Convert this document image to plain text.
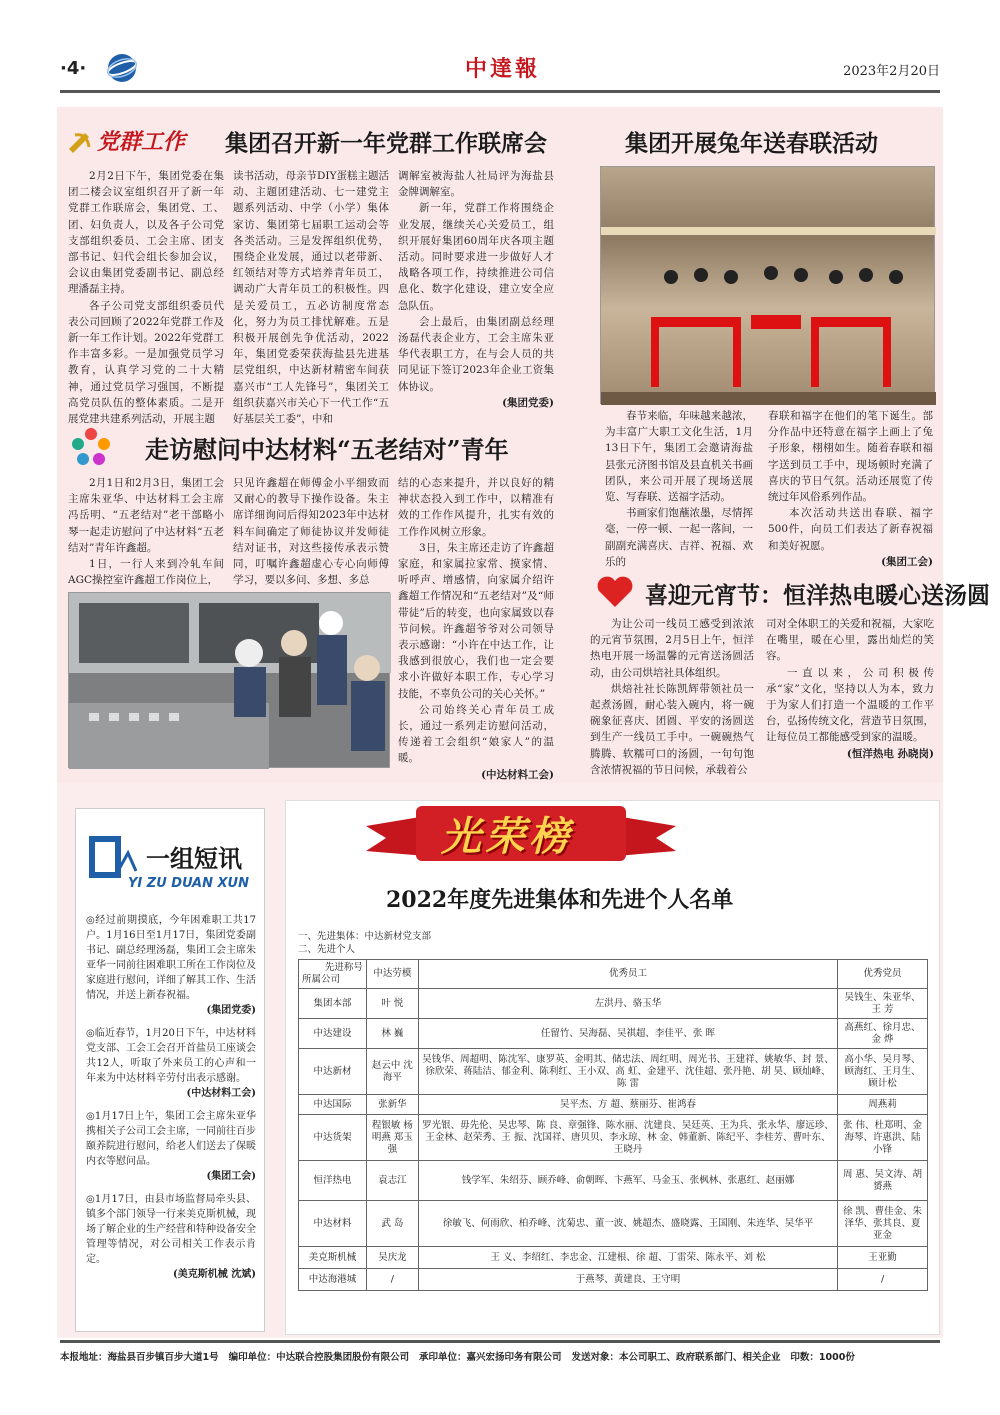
·4·	中達報	2023年2月20日
党群工作 集团召开新一年党群工作联席会

2月2日下午，集团党委在集团二楼会议室组织召开了新一年党群工作联席会，集团党、工、团、妇负责人，以及各子公司党支部组织委员、工会主席、团支部书记、妇代会组长参加会议，会议由集团党委副书记、副总经理潘磊主持。

各子公司党支部组织委员代表公司回顾了2022年党群工作及新一年工作计划。2022年党群工作丰富多彩。一是加强党员学习教育，认真学习党的二十大精神，通过党员学习强国，不断提高党员队伍的整体素质。二是开展党建共建系列活动，开展主题

读书活动，母亲节DIY蛋糕主题活动、主题团建活动、七一建党主题系列活动、中学（小学）集体家访、集团第七届职工运动会等各类活动。三是发挥组织优势，围绕企业发展，通过以老带新、红领结对等方式培养青年员工，调动广大青年员工的积极性。四是关爱员工，五必访制度常态化，努力为员工排忧解难。五是积极开展创先争优活动，2022年，集团党委荣获海盐县先进基层党组织，中达新材精密车间获嘉兴市“工人先锋号”，集团关工组织获嘉兴市关心下一代工作“五好基层关工委”，中和

调解室被海盐人社局评为海盐县金牌调解室。

新一年，党群工作将围绕企业发展，继续关心关爱员工，组织开展好集团60周年庆各项主题活动。同时要求进一步做好人才战略各项工作，持续推进公司信息化、数字化建设，建立安全应急队伍。

会上最后，由集团副总经理汤磊代表企业方，工会主席朱亚华代表职工方，在与会人员的共同见证下签订2023年企业工资集体协议。

(集团党委)

集团开展兔年送春联活动

春节来临，年味越来越浓，为丰富广大职工文化生活，1月13日下午，集团工会邀请海盐县张元济图书馆及县直机关书画团队，来公司开展了现场送展览、写春联、送福字活动。

书画家们饱蘸浓墨，尽情挥毫，一停一顿、一起一落间，一副副充满喜庆、吉祥、祝福、欢乐的

春联和福字在他们的笔下诞生。部分作品中还特意在福字上画上了兔子形象，栩栩如生。随着春联和福字送到员工手中，现场顿时充满了喜庆的节日气氛。活动还展览了传统过年风俗系列作品。

本次活动共送出春联、福字500件，向员工们表达了新春祝福和美好祝愿。

(集团工会)

走访慰问中达材料“五老结对”青年

2月1日和2月3日，集团工会主席朱亚华、中达材料工会主席冯岳明、“五老结对”老干部略小琴一起走访慰问了中达材料“五老结对”青年许鑫超。

1日，一行人来到冷轧车间AGC操控室许鑫超工作岗位上，

只见许鑫超在师傅金小平细致而又耐心的教导下操作设备。朱主席详细询问后得知2023年中达材料车间确定了师徒协议并发师徒结对证书，对这些接传承表示赞同，叮嘱许鑫超虚心专心向师傅学习，要以多问、多想、多总

结的心态来提升，并以良好的精神状态投入到工作中，以精准有效的工作作风提升，扎实有效的工作作风树立形象。

3日，朱主席还走访了许鑫超家庭，和家属拉家常、摸家情、听呼声、增感情，向家属介绍许鑫超工作情况和“五老结对”及“师带徒”后的转变，也向家属致以春节问候。许鑫超爷爷对公司领导表示感谢：“小许在中达工作，让我感到很放心，我们也一定会要求小许做好本职工作，专心学习技能，不辜负公司的关心关怀。”

公司始终关心青年员工成长，通过一系列走访慰问活动，传递着工会组织“娘家人”的温暖。

(中达材料工会)

喜迎元宵节：恒洋热电暖心送汤圆

为让公司一线员工感受到浓浓的元宵节氛围，2月5日上午，恒洋热电开展一场温馨的元宵送汤圆活动，由公司烘培社具体组织。

烘焙社社长陈凯辉带领社员一起煮汤圆，耐心装入碗内，将一碗碗象征喜庆、团圆、平安的汤圆送到生产一线员工手中。一碗碗热气腾腾、软糯可口的汤圆，一句句饱含浓情祝福的节日问候，承载着公

司对全体职工的关爱和祝福，大家吃在嘴里，暖在心里，露出灿烂的笑容。

一直以来，公司积极传承“家”文化，坚持以人为本，致力于为家人们打造一个温暖的工作平台，弘扬传统文化，营造节日氛围，让每位员工都能感受到家的温暖。

(恒洋热电 孙晓岗)

一组短讯
YI ZU DUAN XUN
◎经过前期摸底，今年困难职工共17户。1月16日至1月17日，集团党委副书记、副总经理汤磊，集团工会主席朱亚华一同前往困难职工所在工作岗位及家庭进行慰问，详细了解其工作、生活情况，并送上新春祝福。

(集团党委)

◎临近春节，1月20日下午，中达材料党支部、工会工会召开首盐员工座谈会共12人，听取了外来员工的心声和一年来为中达材料辛劳付出表示感谢。

(中达材料工会)

◎1月17日上午，集团工会主席朱亚华携相关子公司工会主席，一同前往百步颐养院进行慰问，给老人们送去了保暖内衣等慰问品。

(集团工会)

◎1月17日，由县市场监督局牵头县、镇多个部门领导一行来美克斯机械，现场了解企业的生产经营和特种设备安全管理等情况，对公司相关工作表示肯定。

(美克斯机械 沈斌)

光荣榜
2022年度先进集体和先进个人名单
一、先进集体：中达新材党支部
二、先进个人
先进称号

所属公司	中达劳模	优秀员工	优秀党员
集团本部	叶 悦	左洪丹、骆玉华	吴钱生、朱亚华、王 芳
中达建设	林 巍	任留竹、吴海磊、吴祺超、李佳平、张 晖	高燕红、徐月忠、金 烨
中达新材	赵云中 沈海平	吴钱华、周超明、陈沈军、康罗英、金明其、储忠法、周红明、周光书、王建祥、姚敏华、封 景、徐欣荣、蒋陆洁、郁金利、陈利红、王小双、高 虹、金建平、沈佳超、张丹艳、胡 昊、顾灿峰、陈 雷	高小华、吴月琴、顾海红、王月生、顾计松
中达国际	张新华	吴平杰、方 超、蔡丽芬、崔鸿春	周燕莉
中达货架	程银敏 杨明燕 郑玉强	罗光银、毋先伦、吴忠琴、陈 良、章强锋、陈水丽、沈建良、吴廷英、王为兵、张永华、廖远珍、王金林、赵荣秀、王 振、沈国祥、唐贝贝、李永琼、林 金、韩董新、陈纪平、李桂芳、曹叶东、王晓丹	张 伟、杜郑明、金海琴、许惠洪、陆小锋
恒洋热电	袁志江	钱学军、朱绍芬、顾乔峰、俞朝晖、卞燕军、马金玉、张枫林、张惠红、赵丽娜	周 惠、吴文涛、胡赟燕
中达材料	武 岛	徐敏飞、何雨欣、柏乔峰、沈菊忠、董一波、姚超杰、盛晓露、王国刚、朱连华、吴华平	徐 凯、曹佳金、朱泽华、张其良、夏亚金
美克斯机械	吴庆龙	王 义、李绍红、李忠金、江建根、徐 超、丁雷荣、陈永平、刘 松	王亚勤
中达海港城	/	于燕琴、黄建良、王守明	/
本报地址：海盐县百步镇百步大道1号 编印单位：中达联合控股集团股份有限公司 承印单位：嘉兴宏扬印务有限公司 发送对象：本公司职工、政府联系部门、相关企业 印数：1000份
